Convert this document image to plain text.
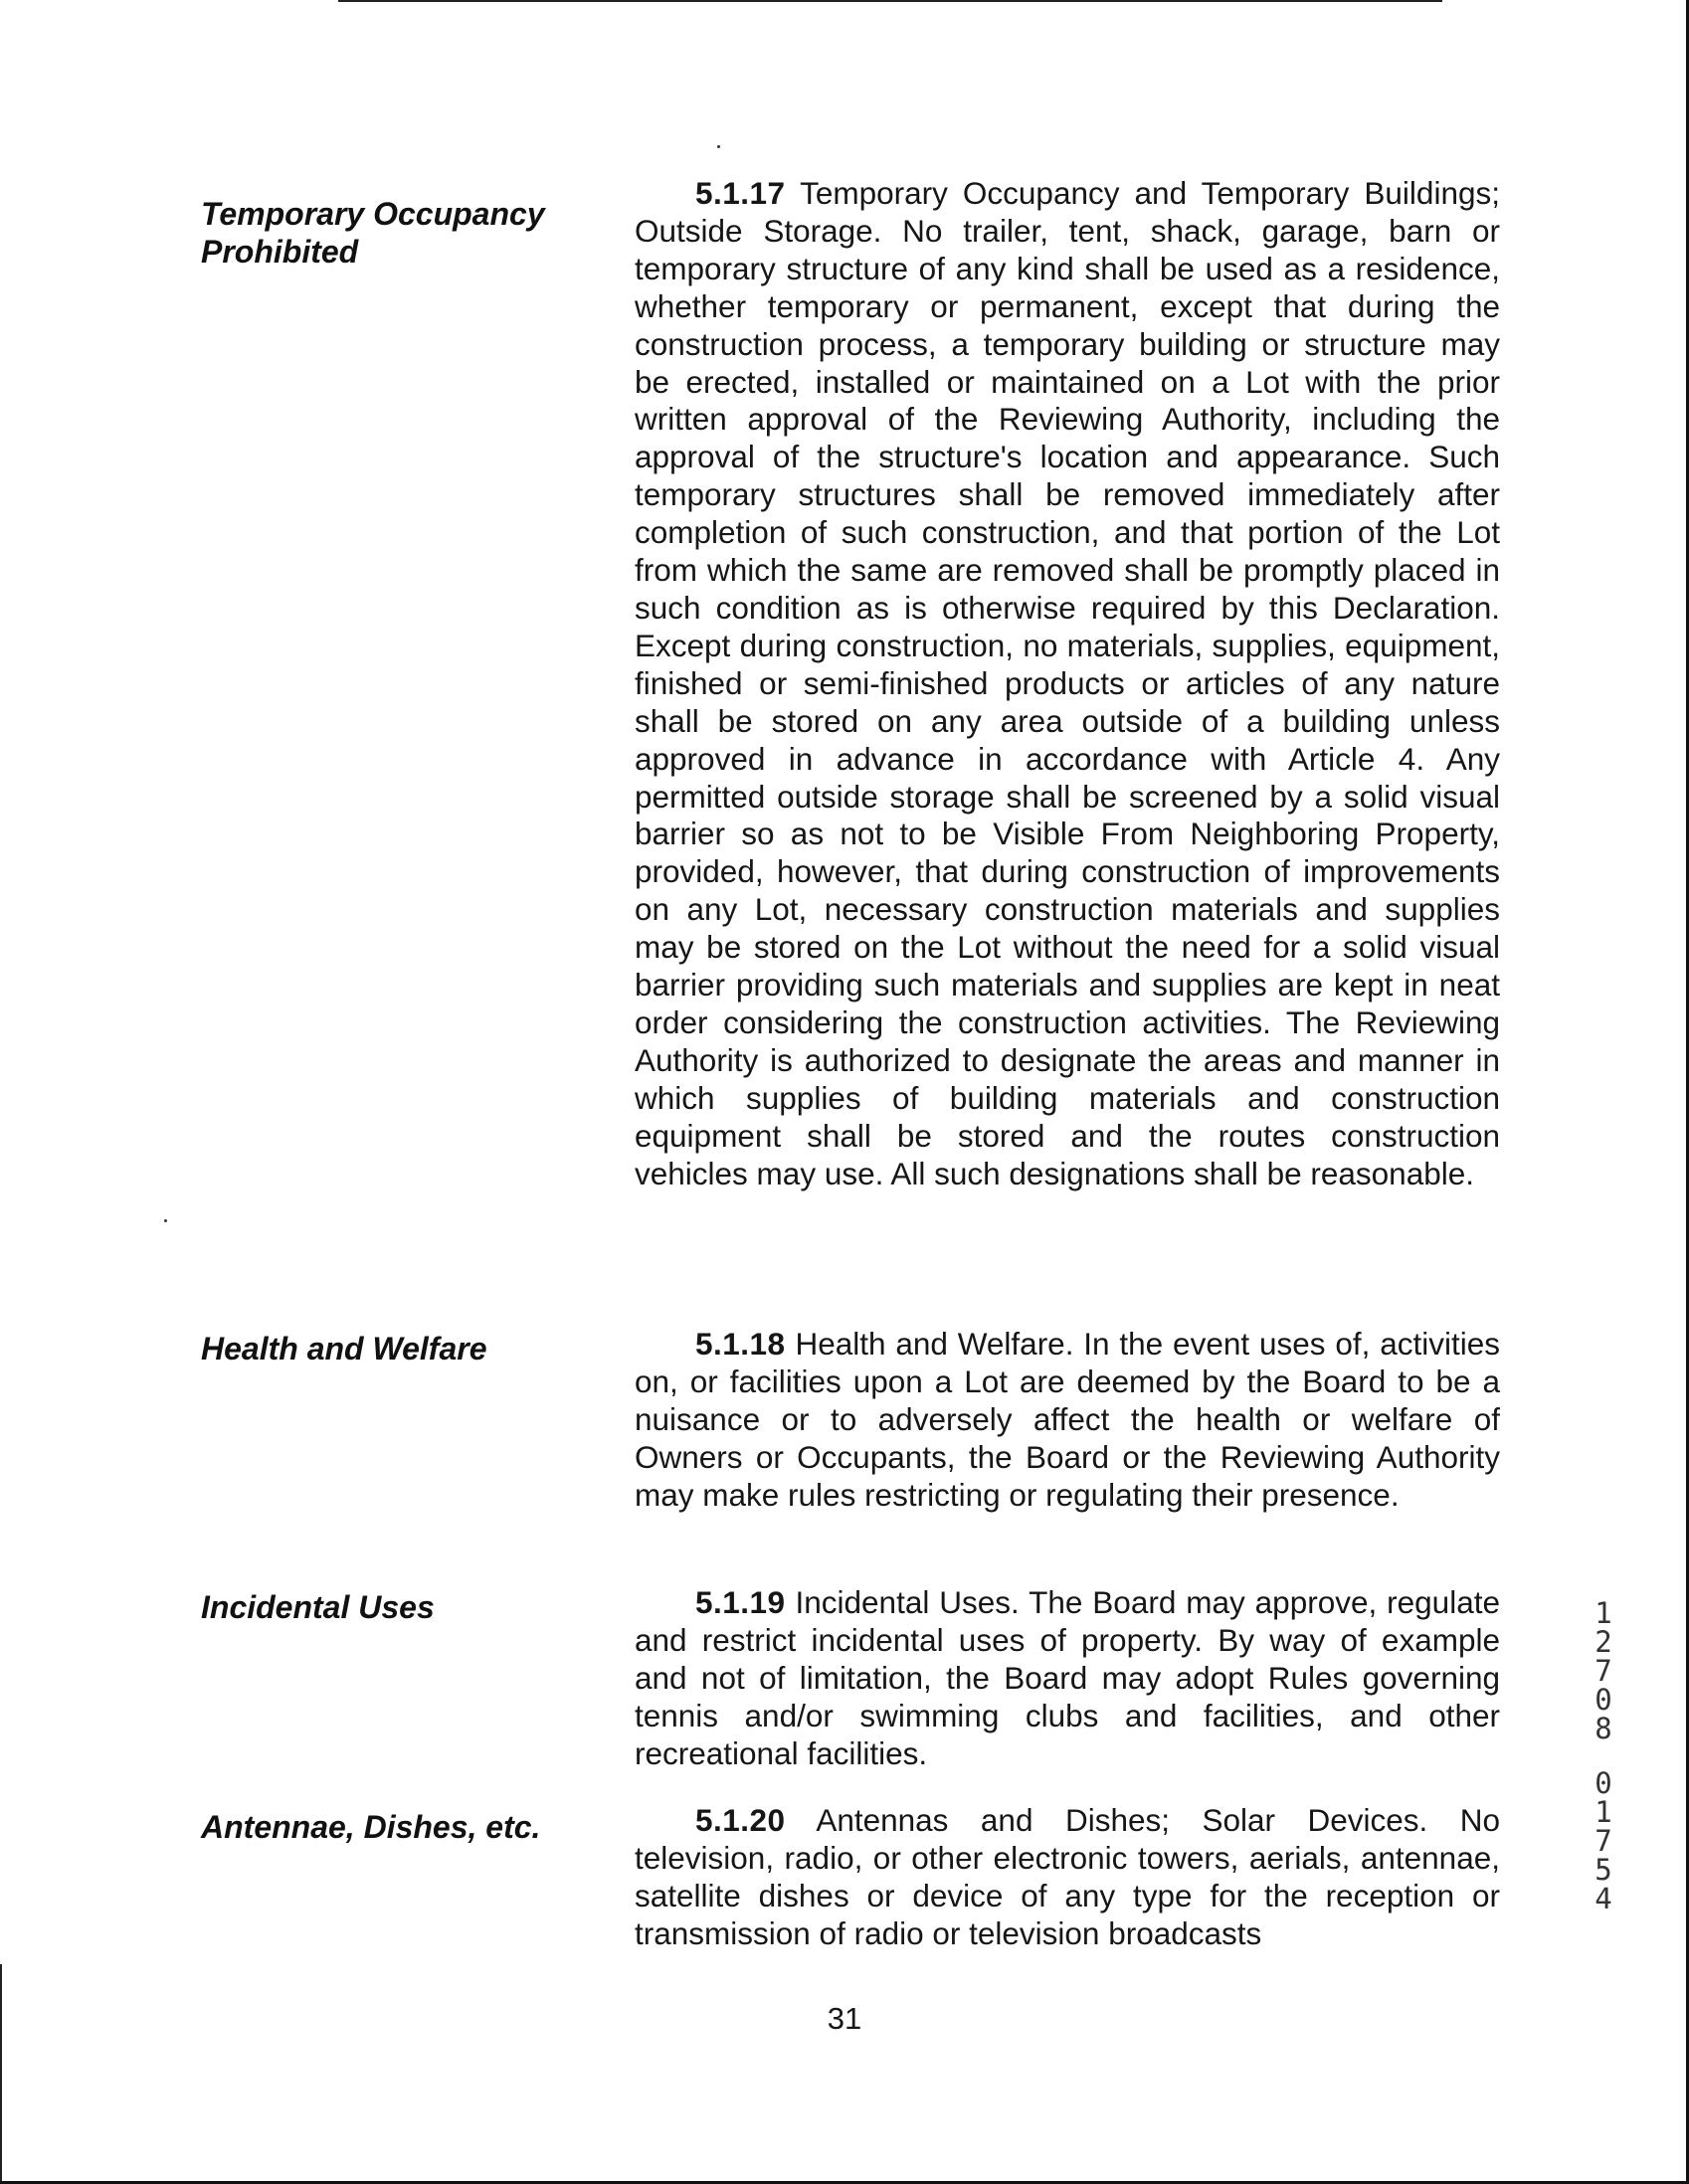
Temporary Occupancy Prohibited

5.1.17 Temporary Occupancy and Temporary Buildings; Outside Storage. No trailer, tent, shack, garage, barn or temporary structure of any kind shall be used as a residence, whether temporary or permanent, except that during the construction process, a temporary building or structure may be erected, installed or maintained on a Lot with the prior written approval of the Reviewing Authority, including the approval of the structure's location and appearance. Such temporary structures shall be removed immediately after completion of such construction, and that portion of the Lot from which the same are removed shall be promptly placed in such condition as is otherwise required by this Declaration. Except during construction, no materials, supplies, equipment, finished or semi-finished products or articles of any nature shall be stored on any area outside of a building unless approved in advance in accordance with Article 4. Any permitted outside storage shall be screened by a solid visual barrier so as not to be Visible From Neighboring Property, provided, however, that during construction of improvements on any Lot, necessary construction materials and supplies may be stored on the Lot without the need for a solid visual barrier providing such materials and supplies are kept in neat order considering the construction activities. The Reviewing Authority is authorized to designate the areas and manner in which supplies of building materials and construction equipment shall be stored and the routes construction vehicles may use. All such designations shall be reasonable.

Health and Welfare	5.1.18 Health and Welfare. In the event uses of, activities on, or facilities upon a Lot are deemed by the Board to be a nuisance or to adversely affect the health or welfare of Owners or Occupants, the Board or the Reviewing Authority may make rules restricting or regulating their presence.

Incidental Uses	5.1.19 Incidental Uses. The Board may approve, regulate and restrict incidental uses of property. By way of example and not of limitation, the Board may adopt Rules governing tennis and/or swimming clubs and facilities, and other recreational facilities.

Antennae, Dishes, etc.	5.1.20 Antennas and Dishes; Solar Devices. No television, radio, or other electronic towers, aerials, antennae, satellite dishes or device of any type for the reception or transmission of radio or television broadcasts

31
1
2
7
0
8
0
1
7
5
4
